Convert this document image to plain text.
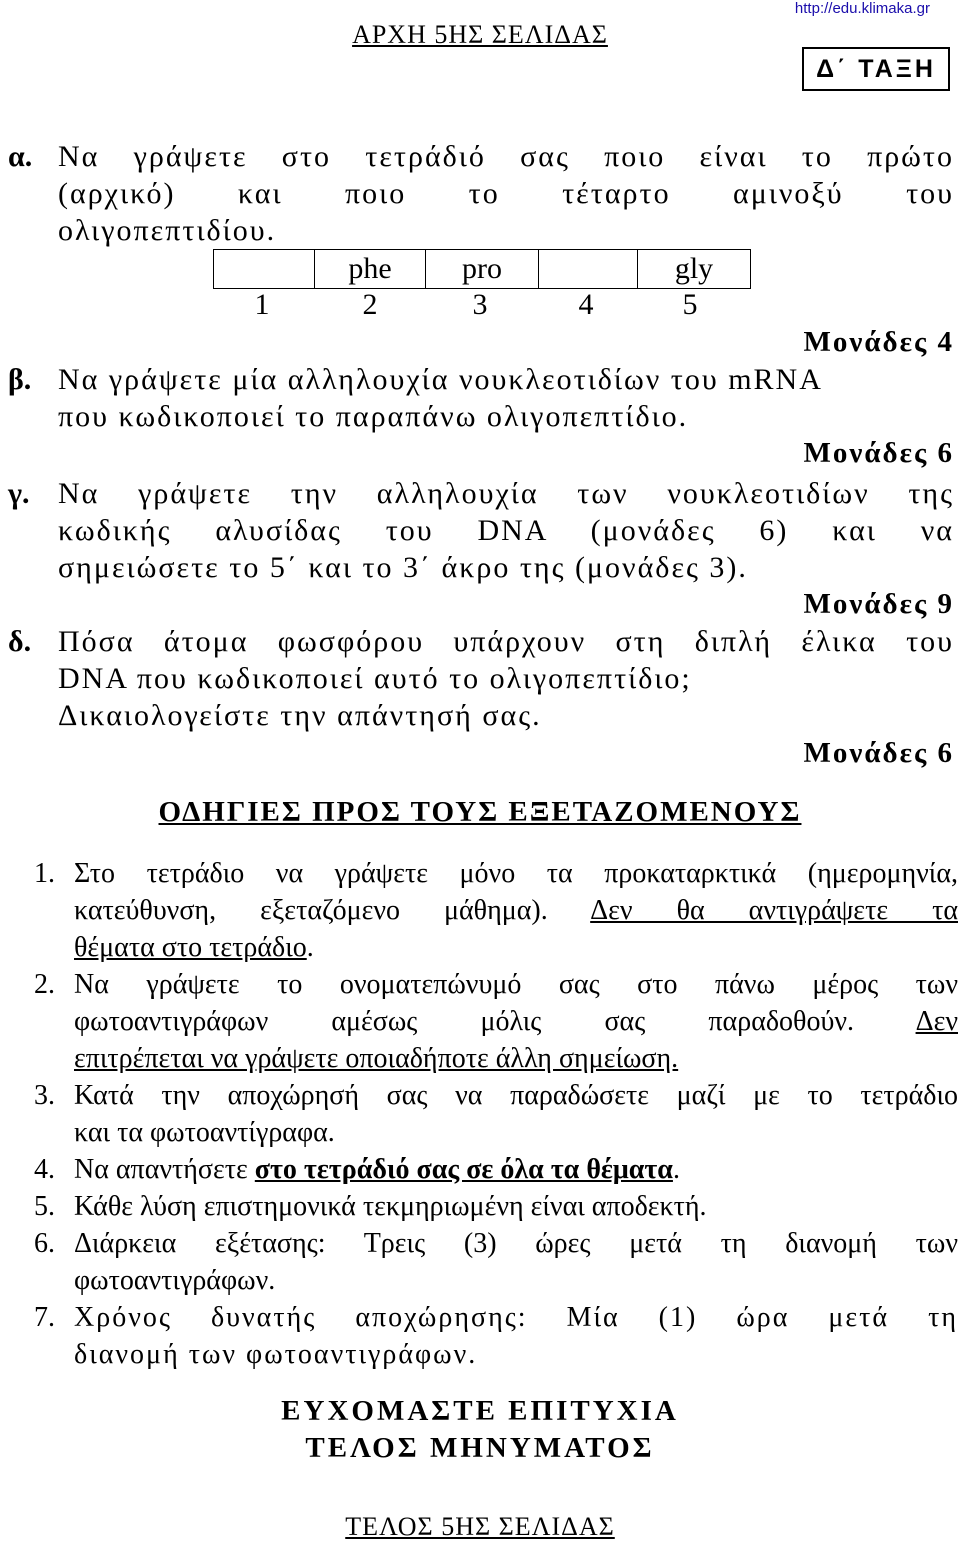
ΑΡΧΗ 5ΗΣ ΣΕΛΙΔΑΣ
http://edu.klimaka.gr
Δ΄ ΤΑΞΗ
α. Να γράψετε στο τετράδιό σας ποιο είναι το πρώτο
(αρχικό) και ποιο το τέταρτο αμινοξύ του
ολιγοπεπτιδίου.
	phe	pro		gly
1	2	3	4	5
Μονάδες 4
β. Να γράψετε μία αλληλουχία νουκλεοτιδίων του mRNA
που κωδικοποιεί το παραπάνω ολιγοπεπτίδιο.
Μονάδες 6
γ. Να γράψετε την αλληλουχία των νουκλεοτιδίων της
κωδικής αλυσίδας του DNA (μονάδες 6) και να
σημειώσετε το 5΄ και το 3΄ άκρο της (μονάδες 3).
Μονάδες 9
δ. Πόσα άτομα φωσφόρου υπάρχουν στη διπλή έλικα του
DNA που κωδικοποιεί αυτό το ολιγοπεπτίδιο;
Δικαιολογείστε την απάντησή σας.
Μονάδες 6
ΟΔΗΓΙΕΣ ΠΡΟΣ ΤΟΥΣ ΕΞΕΤΑΖΟΜΕΝΟΥΣ
1. Στο τετράδιο να γράψετε μόνο τα προκαταρκτικά (ημερομηνία,
κατεύθυνση, εξεταζόμενο μάθημα). Δεν θα αντιγράψετε τα
θέματα στο τετράδιο.
2. Να γράψετε το ονοματεπώνυμό σας στο πάνω μέρος των
φωτοαντιγράφων αμέσως μόλις σας παραδοθούν. Δεν
επιτρέπεται να γράψετε οποιαδήποτε άλλη σημείωση.
3. Κατά την αποχώρησή σας να παραδώσετε μαζί με το τετράδιο
και τα φωτοαντίγραφα.
4. Να απαντήσετε στο τετράδιό σας σε όλα τα θέματα.
5. Κάθε λύση επιστημονικά τεκμηριωμένη είναι αποδεκτή.
6. Διάρκεια εξέτασης: Τρεις (3) ώρες μετά τη διανομή των
φωτοαντιγράφων.
7. Χρόνος δυνατής αποχώρησης: Μία (1) ώρα μετά τη
διανομή των φωτοαντιγράφων.
ΕΥΧΟΜΑΣΤΕ ΕΠΙΤΥΧΙΑ
ΤΕΛΟΣ ΜΗΝΥΜΑΤΟΣ
ΤΕΛΟΣ 5ΗΣ ΣΕΛΙΔΑΣ
